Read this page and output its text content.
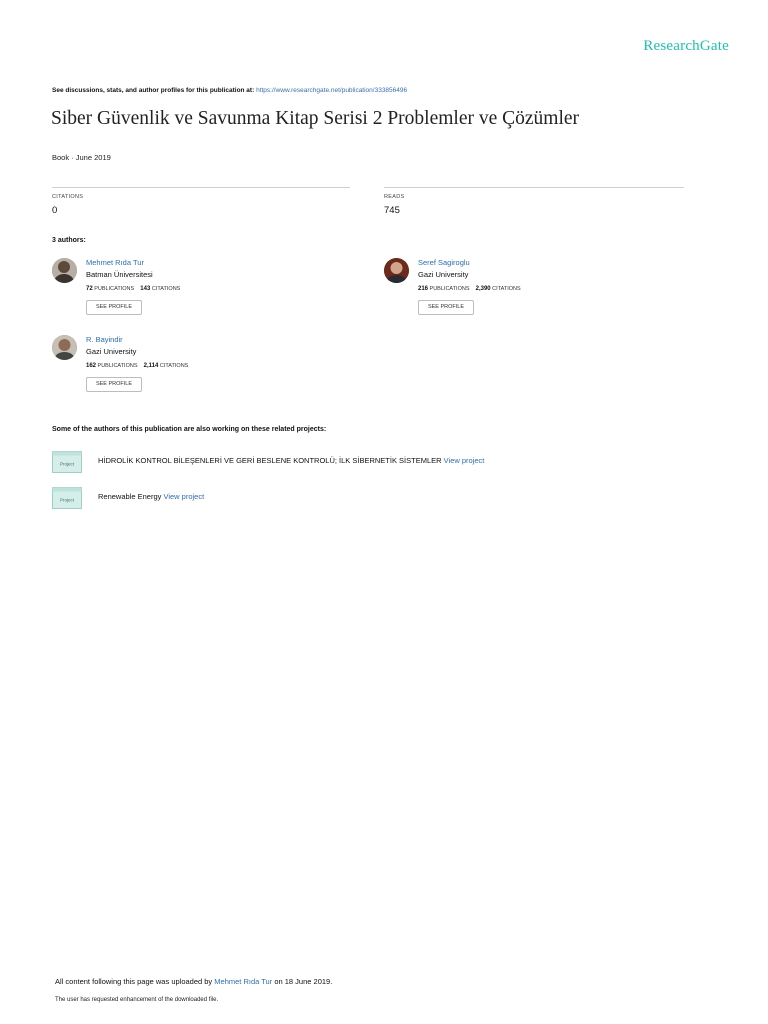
ResearchGate
See discussions, stats, and author profiles for this publication at: https://www.researchgate.net/publication/333856496
Siber Güvenlik ve Savunma Kitap Serisi 2 Problemler ve Çözümler
Book · June 2019
CITATIONS
0
READS
745
3 authors:
Mehmet Rıda Tur
Batman Üniversitesi
72 PUBLICATIONS 143 CITATIONS
SEE PROFILE
Seref Sagiroglu
Gazi University
216 PUBLICATIONS 2,390 CITATIONS
SEE PROFILE
R. Bayindir
Gazi University
162 PUBLICATIONS 2,114 CITATIONS
SEE PROFILE
Some of the authors of this publication are also working on these related projects:
Project	HİDROLİK KONTROL BİLEŞENLERİ VE GERİ BESLENE KONTROLÜ; İLK SİBERNETİK SİSTEMLER View project
Project	Renewable Energy View project
All content following this page was uploaded by Mehmet Rıda Tur on 18 June 2019.
The user has requested enhancement of the downloaded file.
